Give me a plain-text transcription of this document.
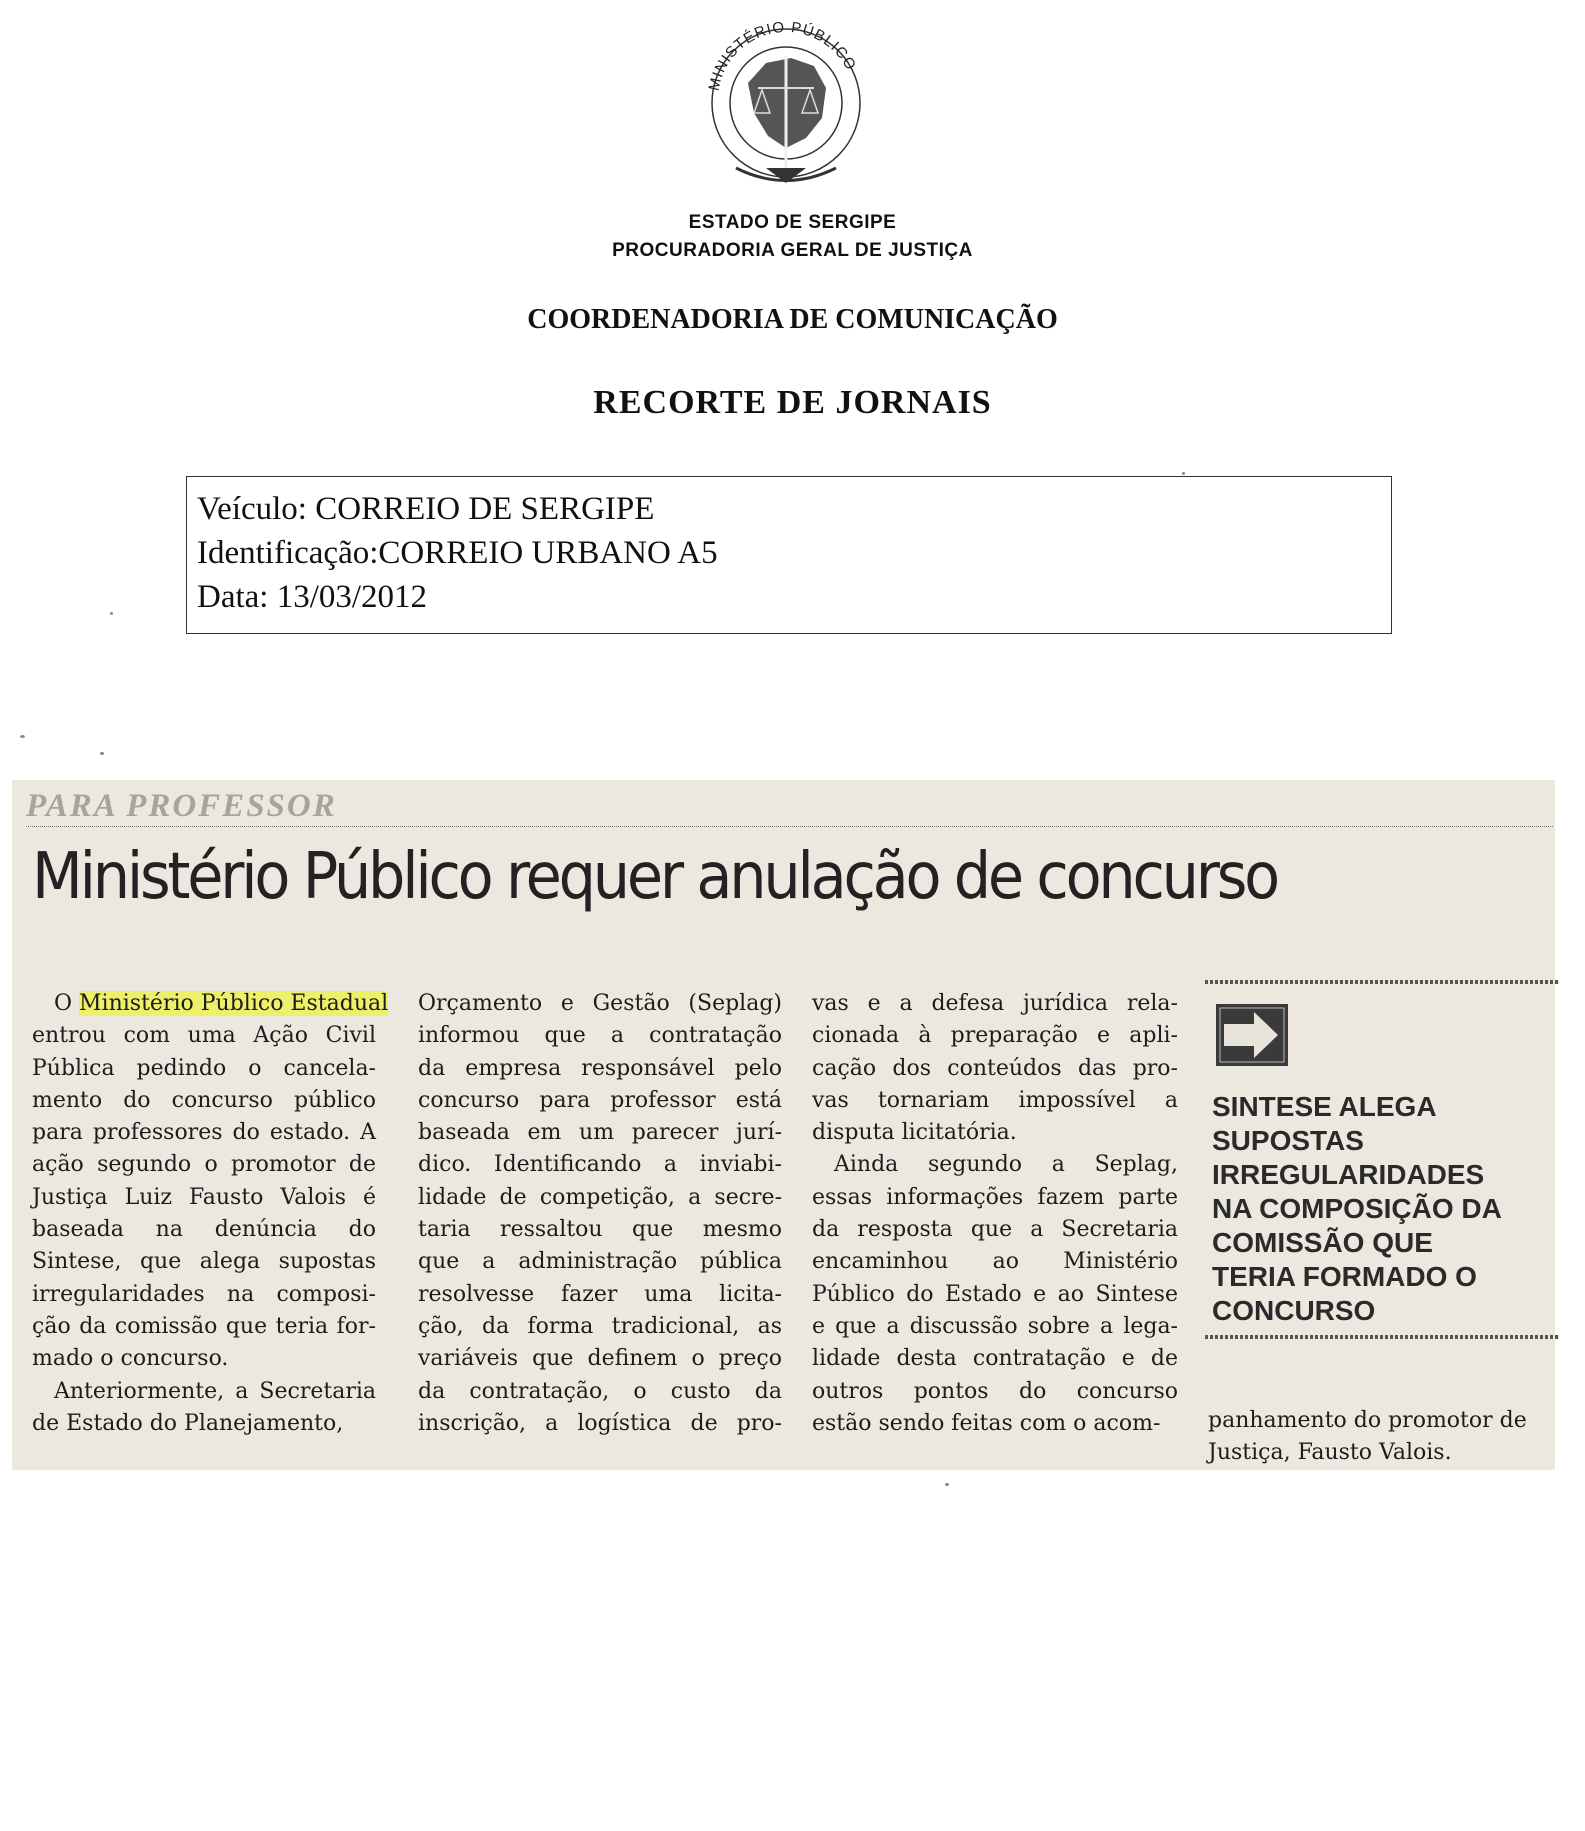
MINISTÉRIO PÚBLICO
ESTADO DE SERGIPE
PROCURADORIA GERAL DE JUSTIÇA
COORDENADORIA DE COMUNICAÇÃO
RECORTE DE JORNAIS
Veículo: CORREIO DE SERGIPE
Identificação:CORREIO URBANO A5
Data: 13/03/2012
PARA PROFESSOR
Ministério Público requer anulação de concurso
O Ministério Público Estadual
entrou com uma Ação Civil
Pública pedindo o cancela-
mento do concurso público
para professores do estado. A
ação segundo o promotor de
Justiça Luiz Fausto Valois é
baseada na denúncia do
Sintese, que alega supostas
irregularidades na composi-
ção da comissão que teria for-
mado o concurso.
Anteriormente, a Secretaria
de Estado do Planejamento,
Orçamento e Gestão (Seplag)
informou que a contratação
da empresa responsável pelo
concurso para professor está
baseada em um parecer jurí-
dico. Identificando a inviabi-
lidade de competição, a secre-
taria ressaltou que mesmo
que a administração pública
resolvesse fazer uma licita-
ção, da forma tradicional, as
variáveis que definem o preço
da contratação, o custo da
inscrição, a logística de pro-
vas e a defesa jurídica rela-
cionada à preparação e apli-
cação dos conteúdos das pro-
vas tornariam impossível a
disputa licitatória.
Ainda segundo a Seplag,
essas informações fazem parte
da resposta que a Secretaria
encaminhou ao Ministério
Público do Estado e ao Sintese
e que a discussão sobre a lega-
lidade desta contratação e de
outros pontos do concurso
estão sendo feitas com o acom-
SINTESE ALEGA
SUPOSTAS
IRREGULARIDADES
NA COMPOSIÇÃO DA
COMISSÃO QUE
TERIA FORMADO O
CONCURSO
panhamento do promotor de
Justiça, Fausto Valois.
